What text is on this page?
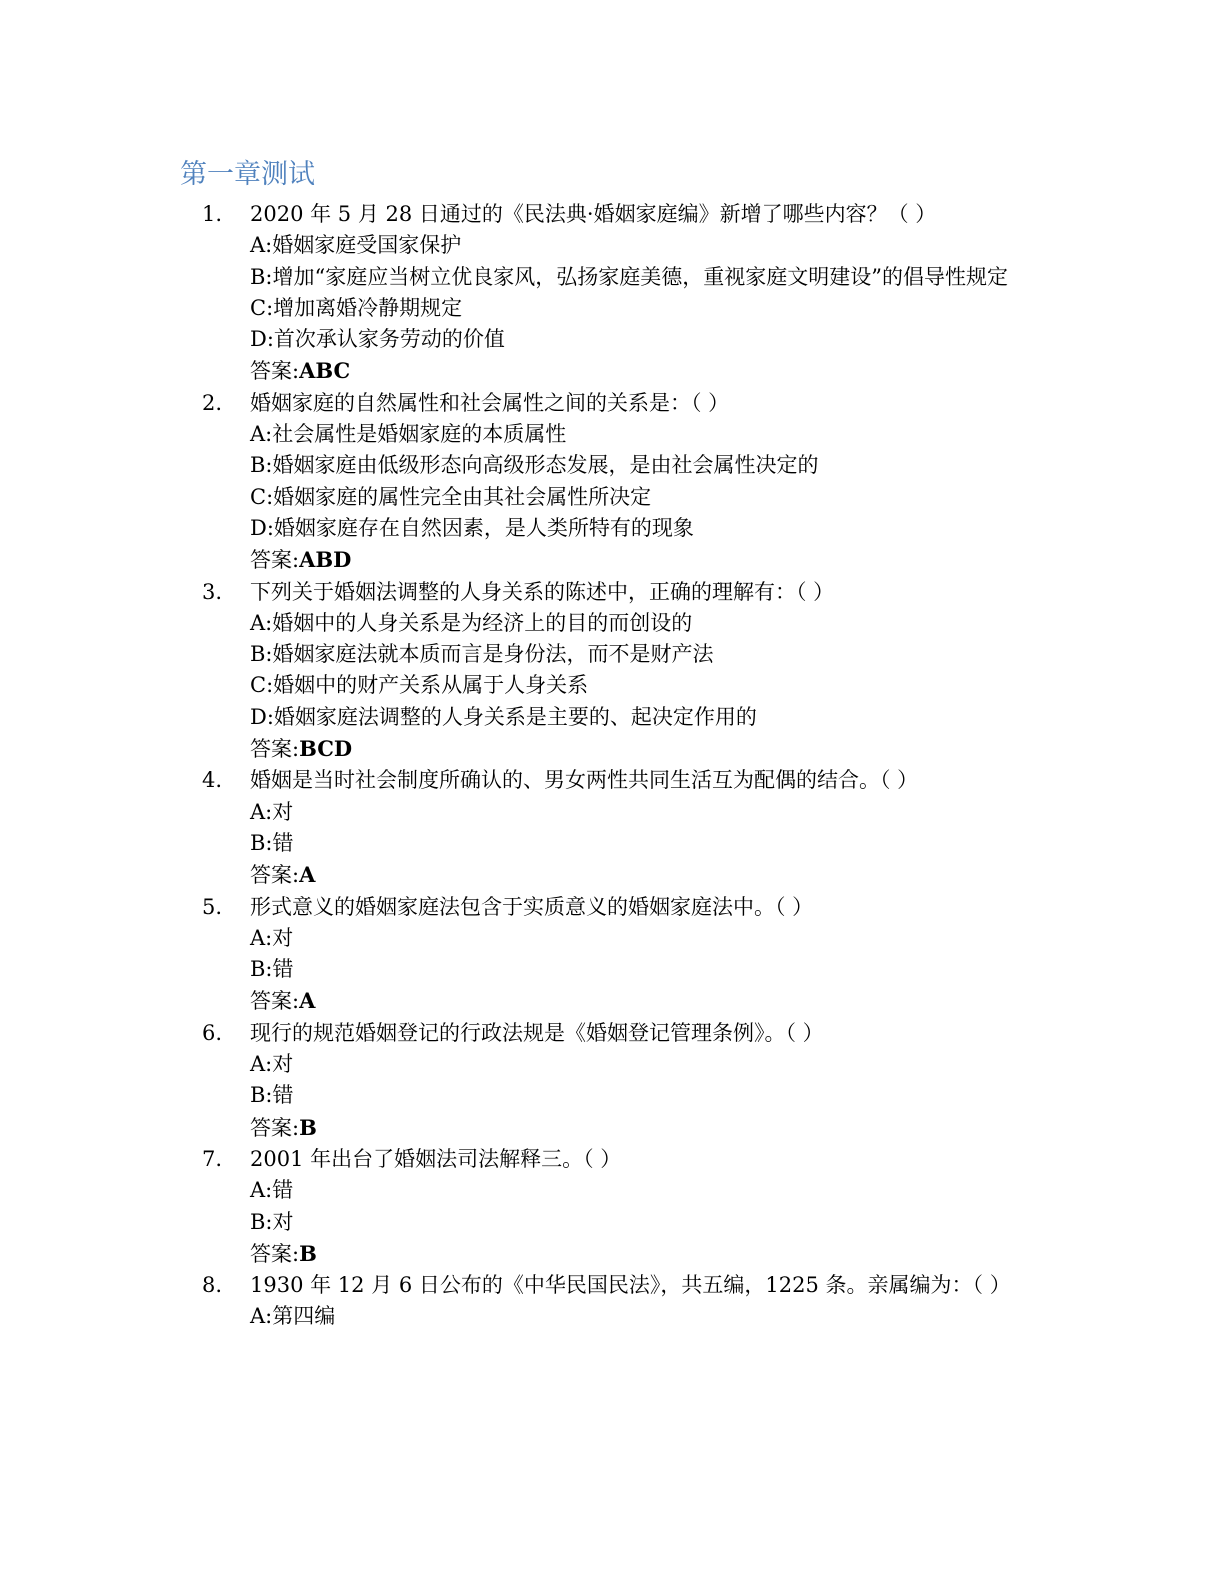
第一章测试
1. 2020 年 5 月 28 日通过的《民法典·婚姻家庭编》新增了哪些内容？（ ）
A:婚姻家庭受国家保护
B:增加“家庭应当树立优良家风，弘扬家庭美德，重视家庭文明建设”的倡导性规定
C:增加离婚冷静期规定
D:首次承认家务劳动的价值
答案:ABC
2. 婚姻家庭的自然属性和社会属性之间的关系是：（ ）
A:社会属性是婚姻家庭的本质属性
B:婚姻家庭由低级形态向高级形态发展，是由社会属性决定的
C:婚姻家庭的属性完全由其社会属性所决定
D:婚姻家庭存在自然因素，是人类所特有的现象
答案:ABD
3. 下列关于婚姻法调整的人身关系的陈述中，正确的理解有：（ ）
A:婚姻中的人身关系是为经济上的目的而创设的
B:婚姻家庭法就本质而言是身份法，而不是财产法
C:婚姻中的财产关系从属于人身关系
D:婚姻家庭法调整的人身关系是主要的、起决定作用的
答案:BCD
4. 婚姻是当时社会制度所确认的、男女两性共同生活互为配偶的结合。（ ）
A:对
B:错
答案:A
5. 形式意义的婚姻家庭法包含于实质意义的婚姻家庭法中。（ ）
A:对
B:错
答案:A
6. 现行的规范婚姻登记的行政法规是《婚姻登记管理条例》。（ ）
A:对
B:错
答案:B
7. 2001 年出台了婚姻法司法解释三。（ ）
A:错
B:对
答案:B
8. 1930 年 12 月 6 日公布的《中华民国民法》，共五编，1225 条。亲属编为：（ ）
A:第四编
